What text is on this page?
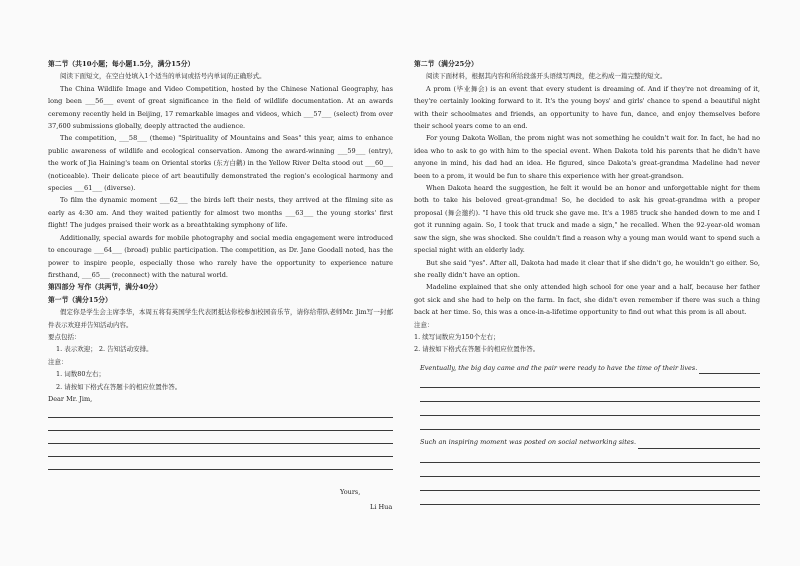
第二节（共10小题；每小题1.5分，满分15分）

阅读下面短文，在空白处填入1个适当的单词或括号内单词的正确形式。

The China Wildlife Image and Video Competition, hosted by the Chinese National Geography, has long been ___56___ event of great significance in the field of wildlife documentation. At an awards ceremony recently held in Beijing, 17 remarkable images and videos, which ___57___ (select) from over 37,600 submissions globally, deeply attracted the audience.

The competition, ___58___ (theme) "Spirituality of Mountains and Seas" this year, aims to enhance public awareness of wildlife and ecological conservation. Among the award-winning ___59___ (entry), the work of Jia Haining's team on Oriental storks (东方白鹳) in the Yellow River Delta stood out ___60___ (noticeable). Their delicate piece of art beautifully demonstrated the region's ecological harmony and species ___61___ (diverse).

To film the dynamic moment ___62___ the birds left their nests, they arrived at the filming site as early as 4:30 am. And they waited patiently for almost two months ___63___ the young storks' first flight! The judges praised their work as a breathtaking symphony of life.

Additionally, special awards for mobile photography and social media engagement were introduced to encourage ___64___ (broad) public participation. The competition, as Dr. Jane Goodall noted, has the power to inspire people, especially those who rarely have the opportunity to experience nature firsthand, ___65___ (reconnect) with the natural world.

第四部分 写作（共两节，满分40分）
第一节（满分15分）

假定你是学生会主席李华，本周五将有英国学生代表团抵达你校参加校园音乐节，请你给带队老师Mr. Jim写一封邮件表示欢迎并告知活动内容。

要点包括：
1. 表示欢迎； 2. 告知活动安排。
注意：
1. 词数80左右；
2. 请按如下格式在答题卡的相应位置作答。
Dear Mr. Jim,
Yours,
Li Hua
第二节（满分25分）

阅读下面材料，根据其内容和所给段落开头语续写两段，使之构成一篇完整的短文。

A prom (毕业舞会) is an event that every student is dreaming of. And if they're not dreaming of it, they're certainly looking forward to it. It's the young boys' and girls' chance to spend a beautiful night with their schoolmates and friends, an opportunity to have fun, dance, and enjoy themselves before their school years come to an end.

For young Dakota Wollan, the prom night was not something he couldn't wait for. In fact, he had no idea who to ask to go with him to the special event. When Dakota told his parents that he didn't have anyone in mind, his dad had an idea. He figured, since Dakota's great-grandma Madeline had never been to a prom, it would be fun to share this experience with her great-grandson.

When Dakota heard the suggestion, he felt it would be an honor and unforgettable night for them both to take his beloved great-grandma! So, he decided to ask his great-grandma with a proper proposal (舞会邀约). "I have this old truck she gave me. It's a 1985 truck she handed down to me and I got it running again. So, I took that truck and made a sign," he recalled. When the 92-year-old woman saw the sign, she was shocked. She couldn't find a reason why a young man would want to spend such a special night with an elderly lady.

But she said "yes". After all, Dakota had made it clear that if she didn't go, he wouldn't go either. So, she really didn't have an option.

Madeline explained that she only attended high school for one year and a half, because her father got sick and she had to help on the farm. In fact, she didn't even remember if there was such a thing back at her time. So, this was a once-in-a-lifetime opportunity to find out what this prom is all about.

注意：
1. 续写词数应为150个左右；
2. 请按如下格式在答题卡的相应位置作答。
Eventually, the big day came and the pair were ready to have the time of their lives.
Such an inspiring moment was posted on social networking sites.
